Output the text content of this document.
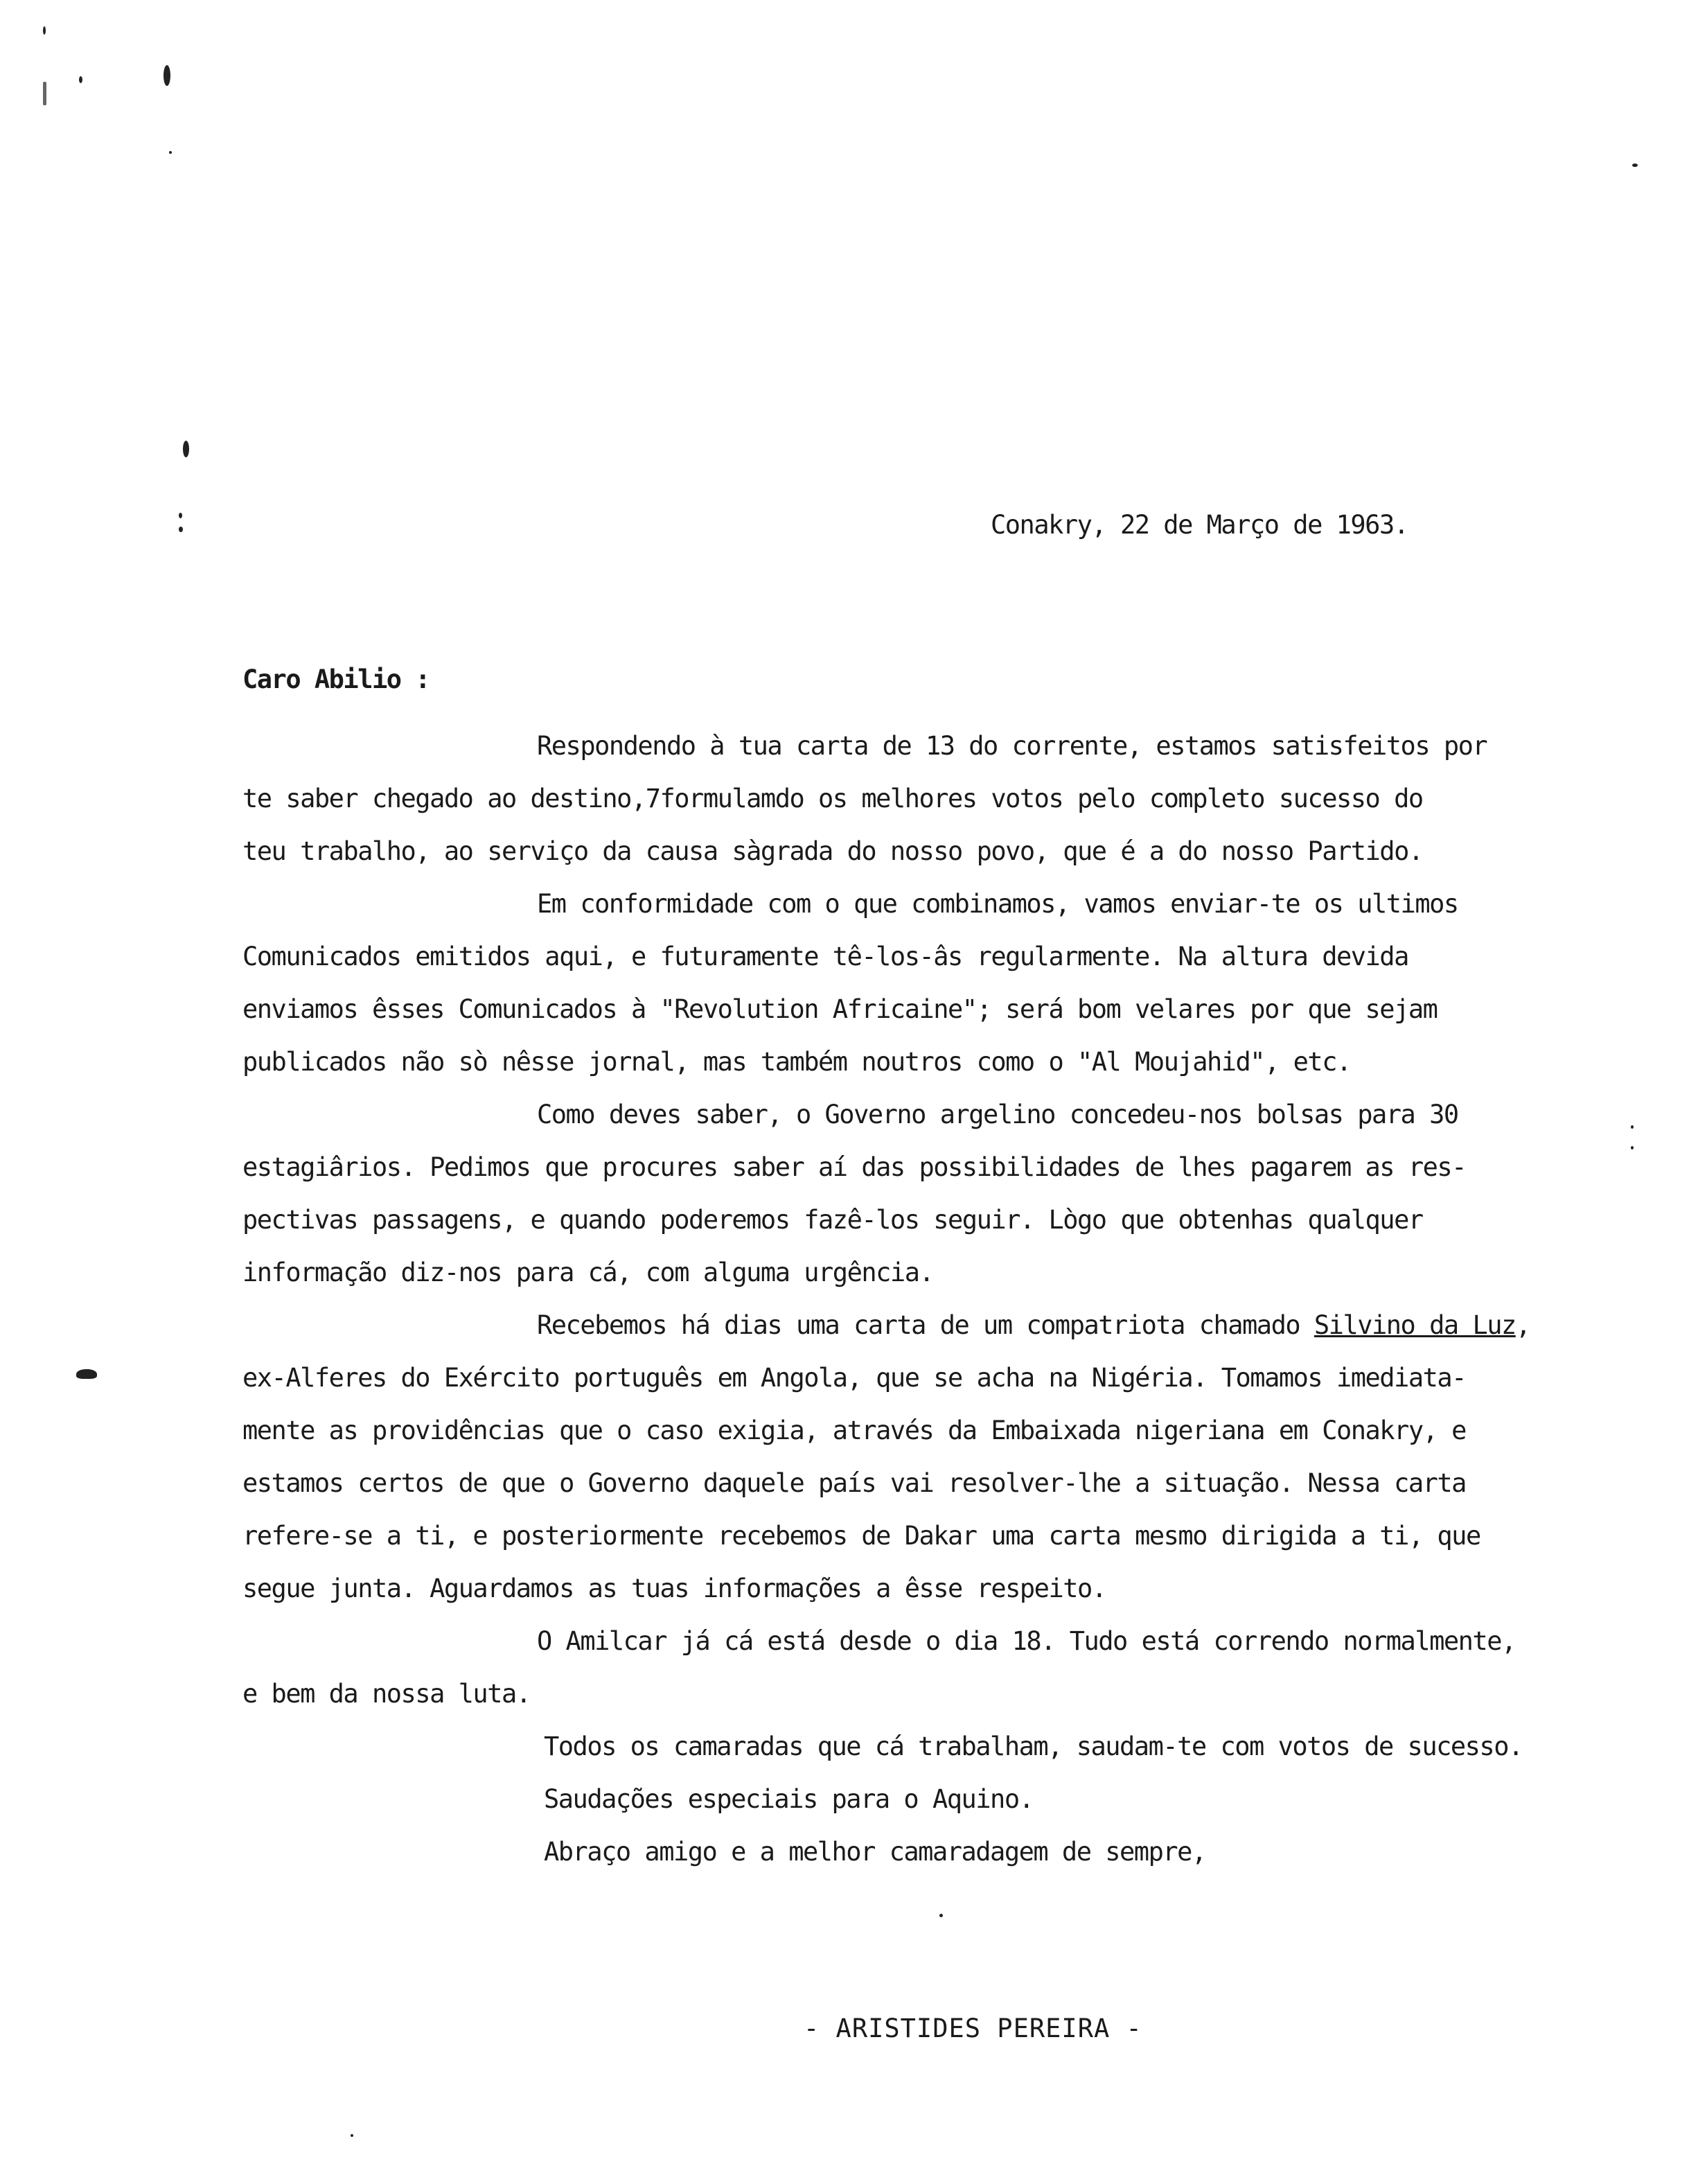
Conakry, 22 de Março de 1963.
Caro Abilio :
Respondendo à tua carta de 13 do corrente, estamos satisfeitos por
te saber chegado ao destino,7formulamdo os melhores votos pelo completo sucesso do
teu trabalho, ao serviço da causa sàgrada do nosso povo, que é a do nosso Partido.
Em conformidade com o que combinamos, vamos enviar-te os ultimos
Comunicados emitidos aqui, e futuramente tê-los-âs regularmente. Na altura devida
enviamos êsses Comunicados à "Revolution Africaine"; será bom velares por que sejam
publicados não sò nêsse jornal, mas também noutros como o "Al Moujahid", etc.
Como deves saber, o Governo argelino concedeu-nos bolsas para 30
estagiârios. Pedimos que procures saber aí das possibilidades de lhes pagarem as res-
pectivas passagens, e quando poderemos fazê-los seguir. Lògo que obtenhas qualquer
informação diz-nos para cá, com alguma urgência.
Recebemos há dias uma carta de um compatriota chamado Silvino da Luz,
ex-Alferes do Exército português em Angola, que se acha na Nigéria. Tomamos imediata-
mente as providências que o caso exigia, através da Embaixada nigeriana em Conakry, e
estamos certos de que o Governo daquele país vai resolver-lhe a situação. Nessa carta
refere-se a ti, e posteriormente recebemos de Dakar uma carta mesmo dirigida a ti, que
segue junta. Aguardamos as tuas informações a êsse respeito.
O Amilcar já cá está desde o dia 18. Tudo está correndo normalmente,
e bem da nossa luta.
Todos os camaradas que cá trabalham, saudam-te com votos de sucesso.
Saudações especiais para o Aquino.
Abraço amigo e a melhor camaradagem de sempre,
- ARISTIDES PEREIRA -
